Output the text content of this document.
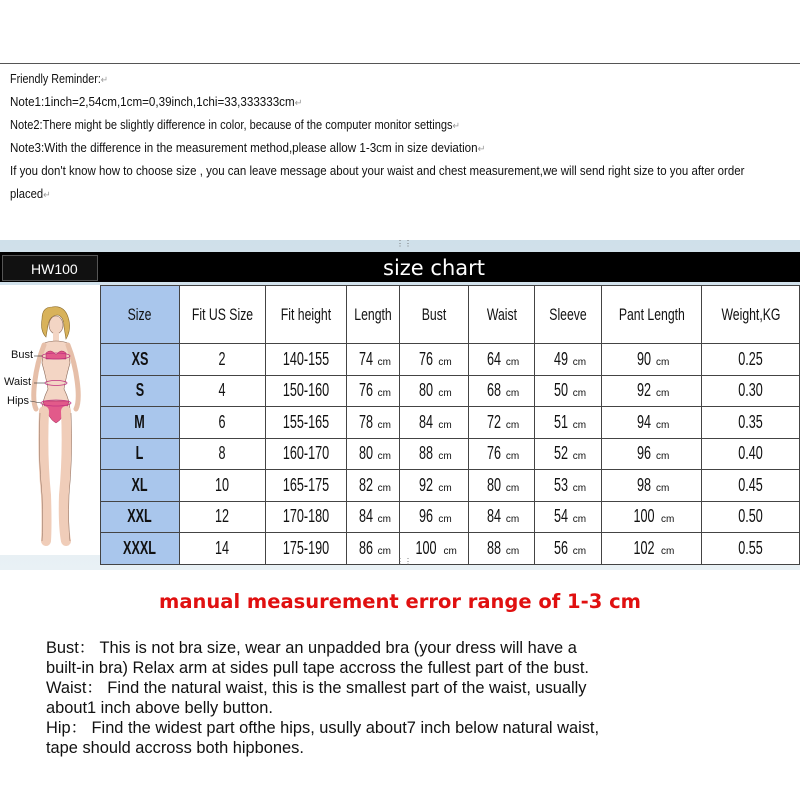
Friendly Reminder:↵
Note1:1inch=2,54cm,1cm=0,39inch,1chi=33,333333cm↵
Note2:There might be slightly difference in color, because of the computer monitor settings↵
Note3:With the difference in the measurement method,please allow 1-3cm in size deviation↵
If you don't know how to choose size , you can leave message about your waist and chest measurement,we will send right size to you after order
placed↵
⋮⋮
size chart
HW100
Bust
Waist
Hips
Size	Fit US Size	Fit height	Length	Bust	Waist	Sleeve	Pant Length	Weight,KG
XS	2	140-155	74 cm	76 cm	64 cm	49 cm	90 cm	0.25
S	4	150-160	76 cm	80 cm	68 cm	50 cm	92 cm	0.30
M	6	155-165	78 cm	84 cm	72 cm	51 cm	94 cm	0.35
L	8	160-170	80 cm	88 cm	76 cm	52 cm	96 cm	0.40
XL	10	165-175	82 cm	92 cm	80 cm	53 cm	98 cm	0.45
XXL	12	170-180	84 cm	96 cm	84 cm	54 cm	100 cm	0.50
XXXL	14	175-190	86 cm	100 cm	88 cm	56 cm	102 cm	0.55
⋮⋮
manual measurement error range of 1-3 cm
Bust： This is not bra size, wear an unpadded bra (your dress will have a
built-in bra) Relax arm at sides pull tape accross the fullest part of the bust.
Waist： Find the natural waist, this is the smallest part of the waist, usually
about1 inch above belly button.
Hip： Find the widest part ofthe hips, usully about7 inch below natural waist,
tape should accross both hipbones.
